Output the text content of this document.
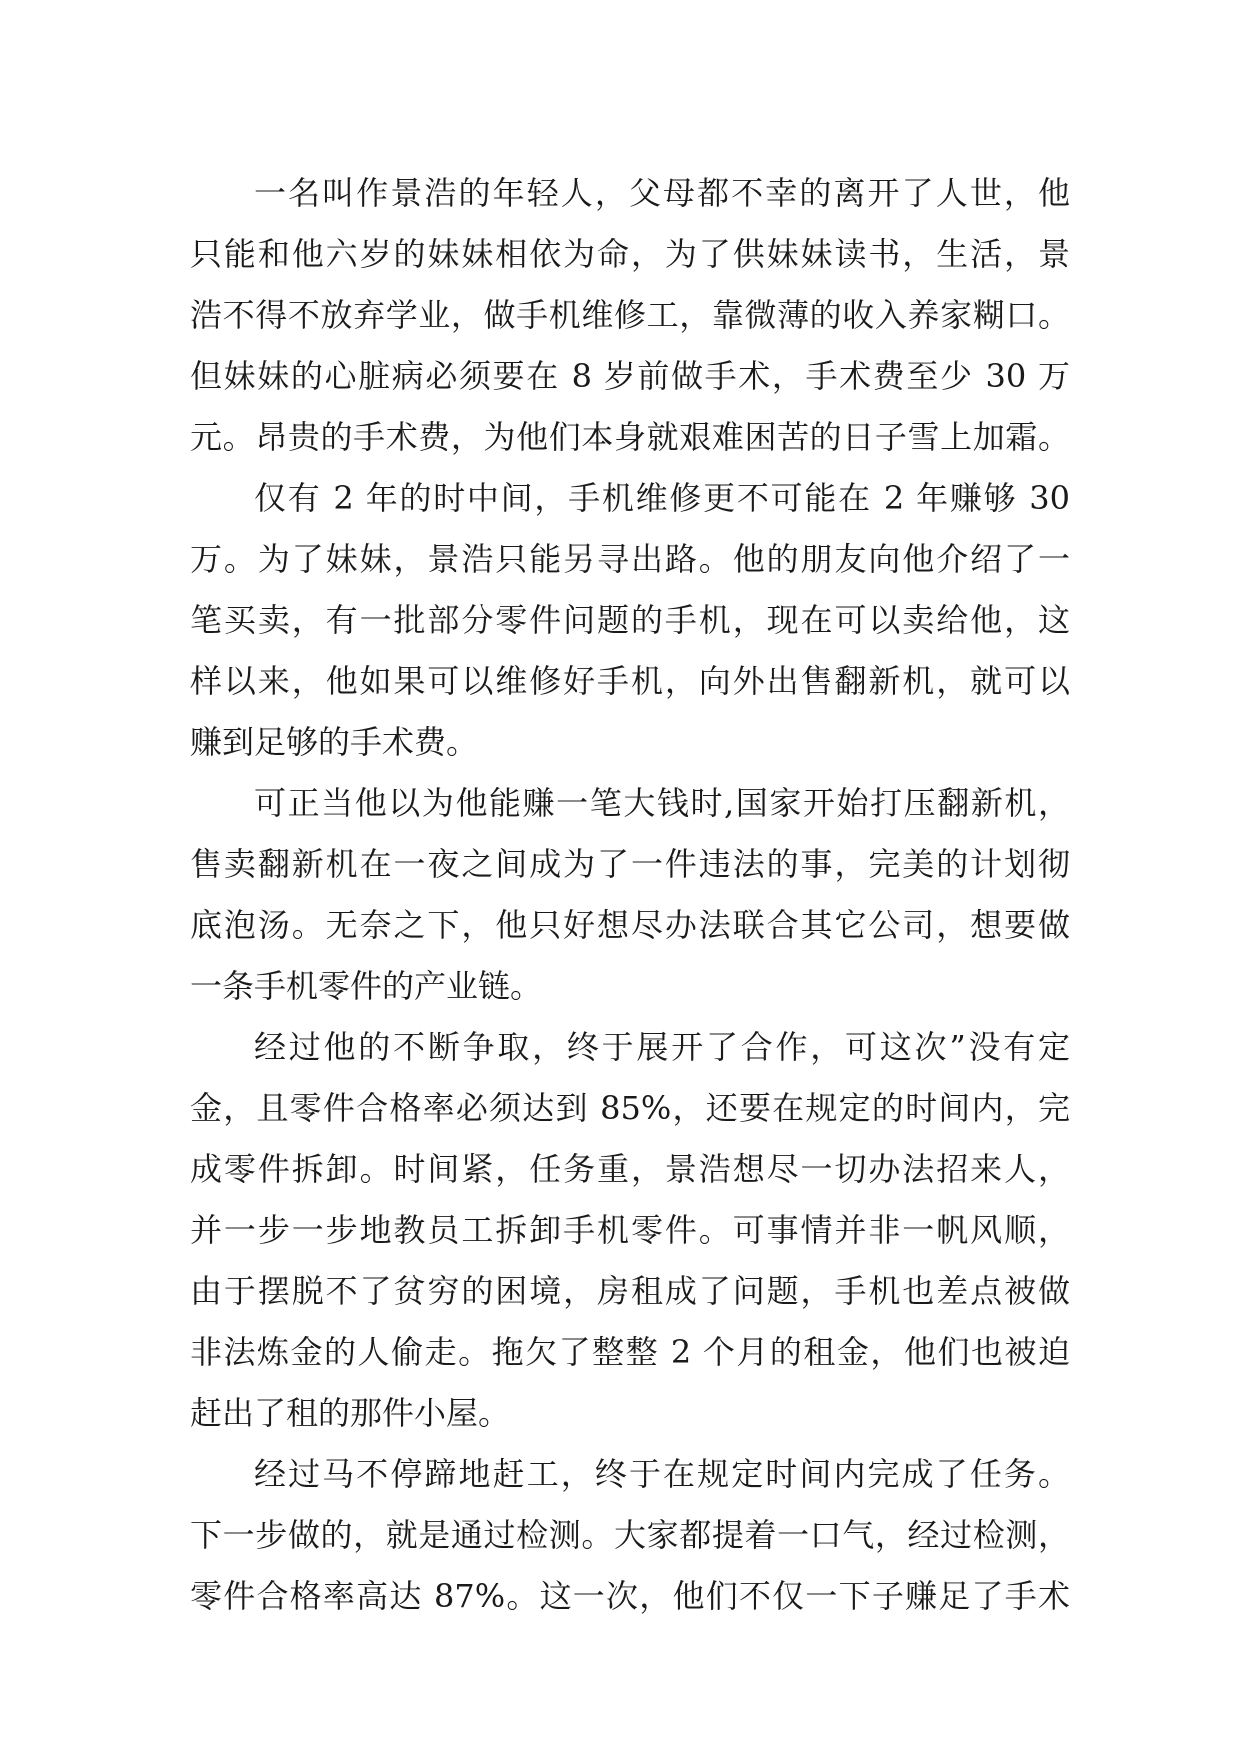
一名叫作景浩的年轻人，父母都不幸的离开了人世，他
只能和他六岁的妹妹相依为命，为了供妹妹读书，生活，景
浩不得不放弃学业，做手机维修工，靠微薄的收入养家糊口。
但妹妹的心脏病必须要在 8 岁前做手术，手术费至少 30 万
元。昂贵的手术费，为他们本身就艰难困苦的日子雪上加霜。
仅有 2 年的时中间，手机维修更不可能在 2 年赚够 30
万。为了妹妹，景浩只能另寻出路。他的朋友向他介绍了一
笔买卖，有一批部分零件问题的手机，现在可以卖给他，这
样以来，他如果可以维修好手机，向外出售翻新机，就可以
赚到足够的手术费。
可正当他以为他能赚一笔大钱时,国家开始打压翻新机，
售卖翻新机在一夜之间成为了一件违法的事，完美的计划彻
底泡汤。无奈之下，他只好想尽办法联合其它公司，想要做
一条手机零件的产业链。
经过他的不断争取，终于展开了合作，可这次”没有定
金，且零件合格率必须达到 85%，还要在规定的时间内，完
成零件拆卸。时间紧，任务重，景浩想尽一切办法招来人，
并一步一步地教员工拆卸手机零件。可事情并非一帆风顺，
由于摆脱不了贫穷的困境，房租成了问题，手机也差点被做
非法炼金的人偷走。拖欠了整整 2 个月的租金，他们也被迫
赶出了租的那件小屋。
经过马不停蹄地赶工，终于在规定时间内完成了任务。
下一步做的，就是通过检测。大家都提着一口气，经过检测，
零件合格率高达 87%。这一次，他们不仅一下子赚足了手术
